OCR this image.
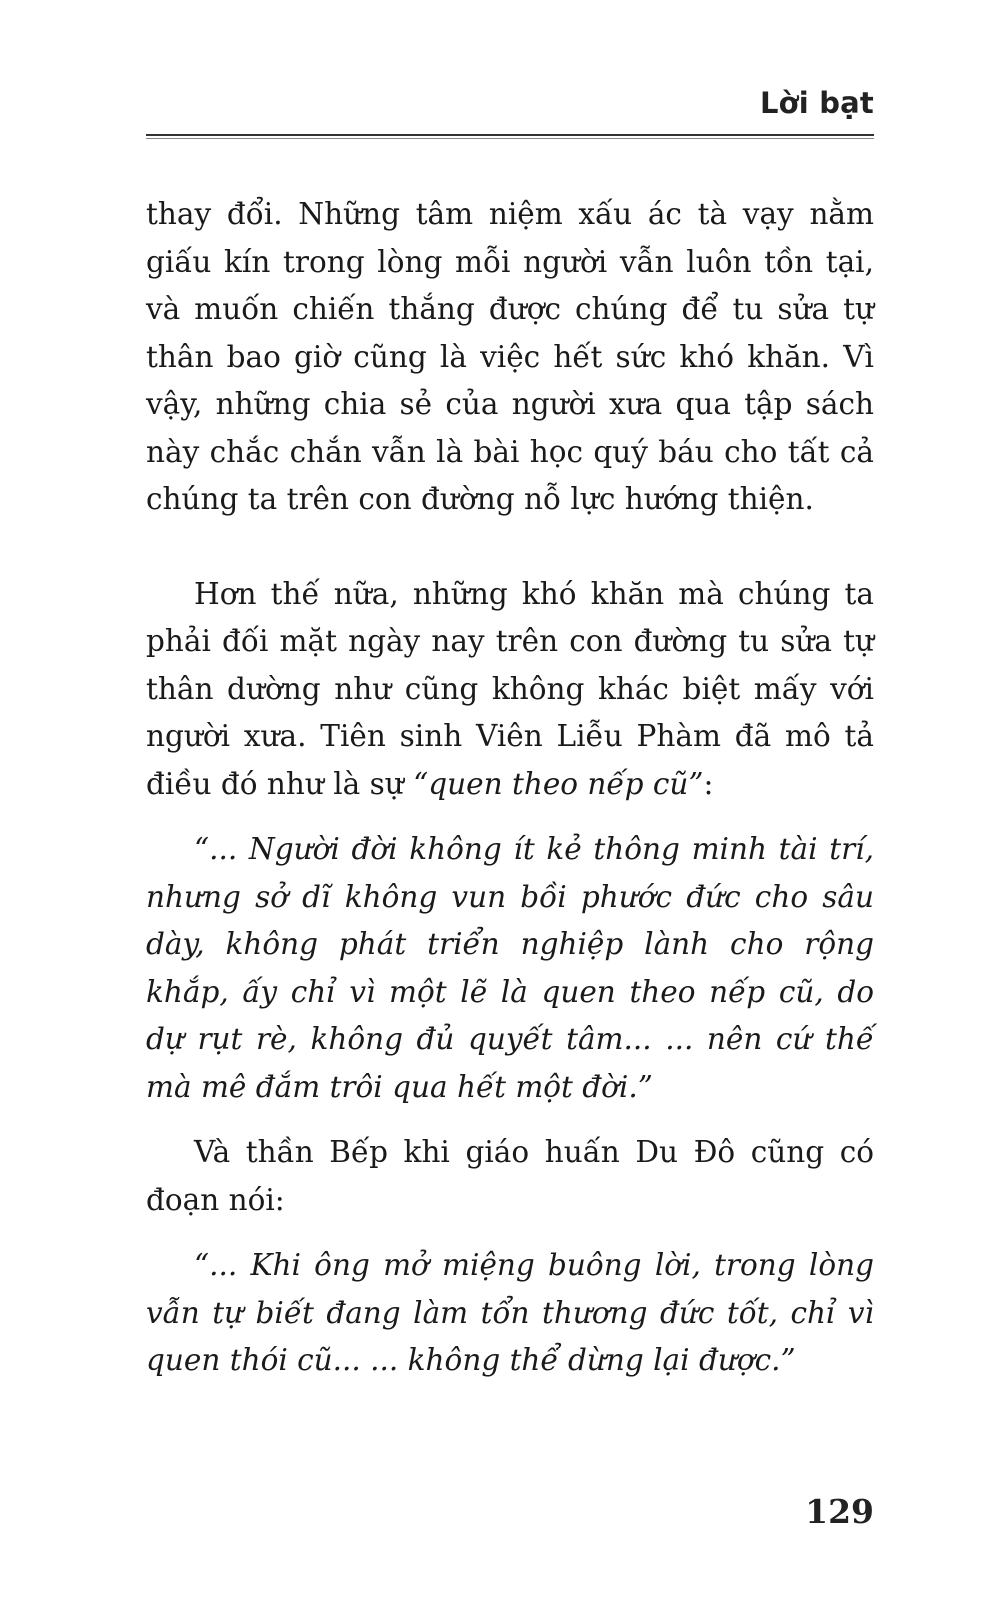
Lời bạt

thay đổi. Những tâm niệm xấu ác tà vạy nằm giấu kín trong lòng mỗi người vẫn luôn tồn tại, và muốn chiến thắng được chúng để tu sửa tự thân bao giờ cũng là việc hết sức khó khăn. Vì vậy, những chia sẻ của người xưa qua tập sách này chắc chắn vẫn là bài học quý báu cho tất cả chúng ta trên con đường nỗ lực hướng thiện.

Hơn thế nữa, những khó khăn mà chúng ta phải đối mặt ngày nay trên con đường tu sửa tự thân dường như cũng không khác biệt mấy với người xưa. Tiên sinh Viên Liễu Phàm đã mô tả điều đó như là sự “quen theo nếp cũ”:

“... Người đời không ít kẻ thông minh tài trí, nhưng sở dĩ không vun bồi phước đức cho sâu dày, không phát triển nghiệp lành cho rộng khắp, ấy chỉ vì một lẽ là quen theo nếp cũ, do dự rụt rè, không đủ quyết tâm... ... nên cứ thế mà mê đắm trôi qua hết một đời.”

Và thần Bếp khi giáo huấn Du Đô cũng có đoạn nói:

“... Khi ông mở miệng buông lời, trong lòng vẫn tự biết đang làm tổn thương đức tốt, chỉ vì quen thói cũ... ... không thể dừng lại được.”

129
